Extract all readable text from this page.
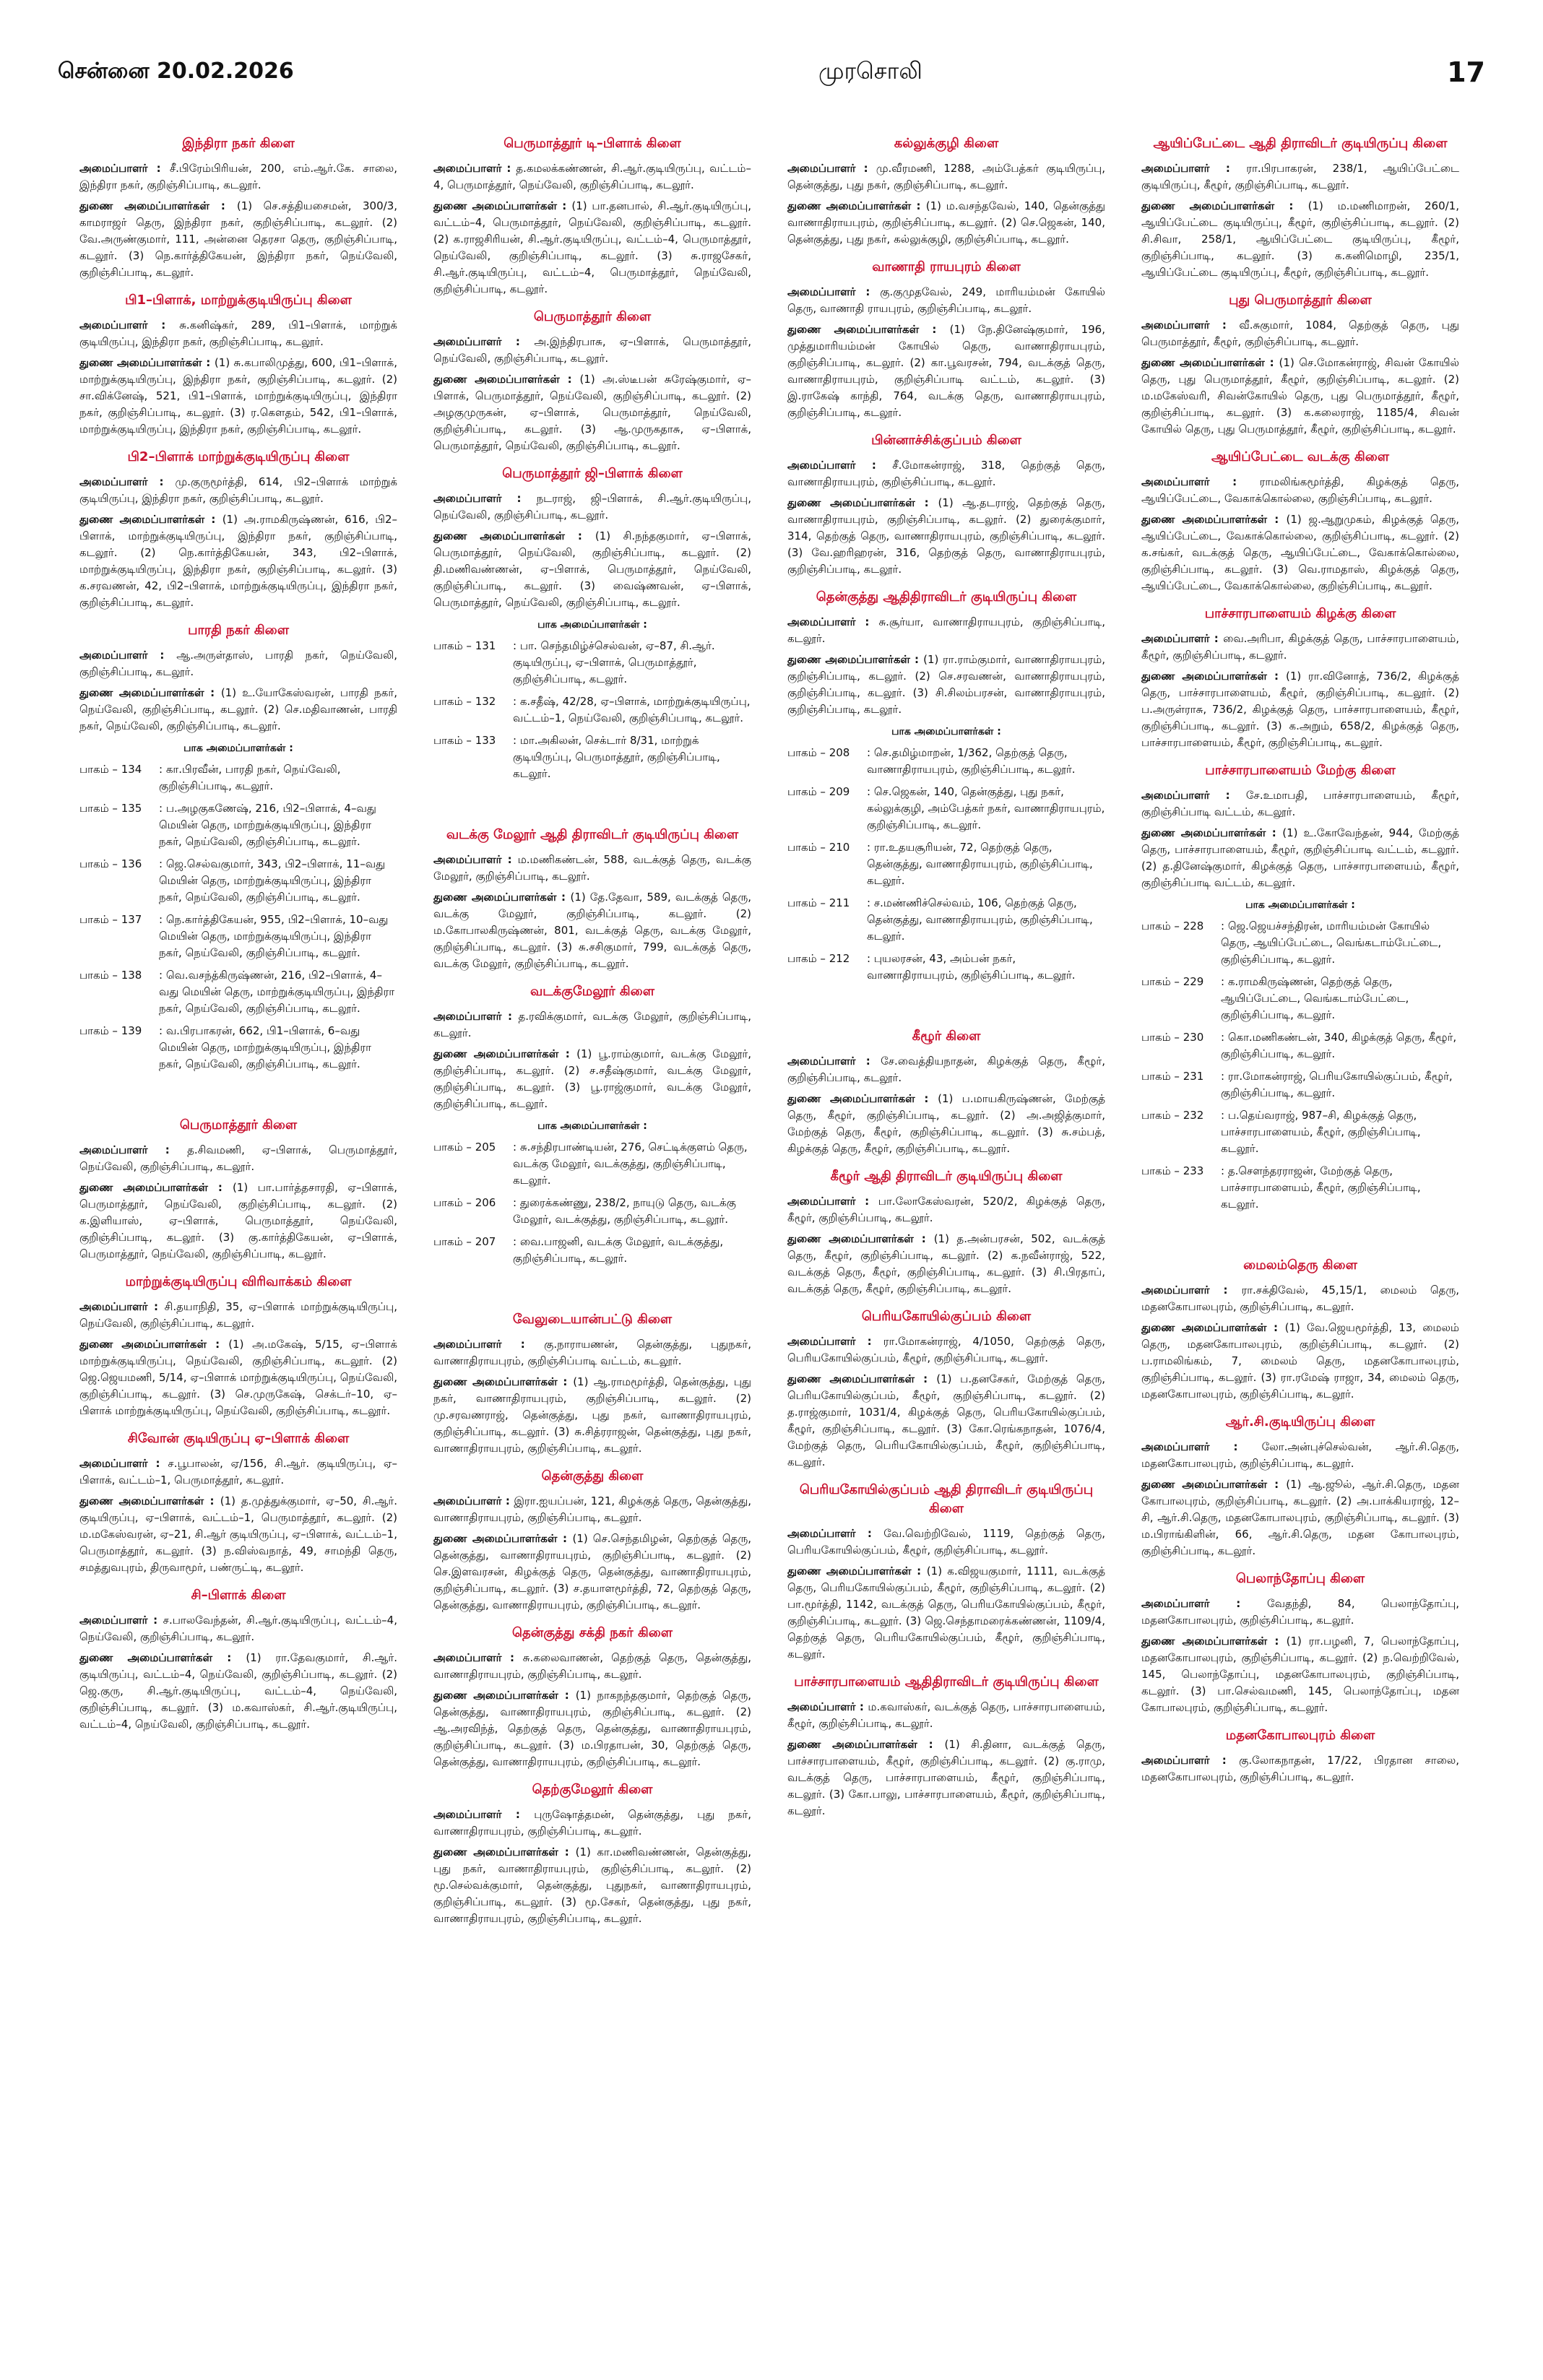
சென்னை 20.02.2026	முரசொலி	17
இந்திரா நகர் கிளை

அமைப்பாளர் : சீ.பிரேம்பிரியன், 200, எம்.ஆர்.கே. சாலை, இந்திரா நகர், குறிஞ்சிப்பாடி, கடலூர்.

துணை அமைப்பாளர்கள் : (1) செ.சத்தியசைமன், 300/3, காமராஜர் தெரு, இந்திரா நகர், குறிஞ்சிப்பாடி, கடலூர். (2) வே.அருண்குமார், 111, அன்னை தெரசா தெரு, குறிஞ்சிப்பாடி, கடலூர். (3) நெ.கார்த்திகேயன், இந்திரா நகர், நெய்வேலி, குறிஞ்சிப்பாடி, கடலூர்.

பி1–பிளாக், மாற்றுக்குடியிருப்பு கிளை

அமைப்பாளர் : சு.கனிஷ்கர், 289, பி1–பிளாக், மாற்றுக் குடியிருப்பு, இந்திரா நகர், குறிஞ்சிப்பாடி, கடலூர்.

துணை அமைப்பாளர்கள் : (1) சு.கபாலிமுத்து, 600, பி1–பிளாக், மாற்றுக்குடியிருப்பு, இந்திரா நகர், குறிஞ்சிப்பாடி, கடலூர். (2) சா.விக்னேஷ், 521, பி1–பிளாக், மாற்றுக்குடியிருப்பு, இந்திரா நகர், குறிஞ்சிப்பாடி, கடலூர். (3) ர.கௌதம், 542, பி1–பிளாக், மாற்றுக்குடியிருப்பு, இந்திரா நகர், குறிஞ்சிப்பாடி, கடலூர்.

பி2–பிளாக் மாற்றுக்குடியிருப்பு கிளை

அமைப்பாளர் : மு.குருமூர்த்தி, 614, பி2–பிளாக் மாற்றுக் குடியிருப்பு, இந்திரா நகர், குறிஞ்சிப்பாடி, கடலூர்.

துணை அமைப்பாளர்கள் : (1) அ.ராமகிருஷ்ணன், 616, பி2–பிளாக், மாற்றுக்குடியிருப்பு, இந்திரா நகர், குறிஞ்சிப்பாடி, கடலூர். (2) நெ.கார்த்திகேயன், 343, பி2–பிளாக், மாற்றுக்குடியிருப்பு, இந்திரா நகர், குறிஞ்சிப்பாடி, கடலூர். (3) க.சரவணன், 42, பி2–பிளாக், மாற்றுக்குடியிருப்பு, இந்திரா நகர், குறிஞ்சிப்பாடி, கடலூர்.

பாரதி நகர் கிளை

அமைப்பாளர் : ஆ.அருள்தாஸ், பாரதி நகர், நெய்வேலி, குறிஞ்சிப்பாடி, கடலூர்.

துணை அமைப்பாளர்கள் : (1) உ.யோகேஸ்வரன், பாரதி நகர், நெய்வேலி, குறிஞ்சிப்பாடி, கடலூர். (2) செ.மதிவாணன், பாரதி நகர், நெய்வேலி, குறிஞ்சிப்பாடி, கடலூர்.

பாக அமைப்பாளர்கள் :
பாகம் – 134	: கா.பிரவீன், பாரதி நகர், நெய்வேலி, குறிஞ்சிப்பாடி, கடலூர்.
பாகம் – 135	: ப.அழகுகணேஷ், 216, பி2–பிளாக், 4–வது மெயின் தெரு, மாற்றுக்குடியிருப்பு, இந்திரா நகர், நெய்வேலி, குறிஞ்சிப்பாடி, கடலூர்.
பாகம் – 136	: ஜெ.செல்வகுமார், 343, பி2–பிளாக், 11–வது மெயின் தெரு, மாற்றுக்குடியிருப்பு, இந்திரா நகர், நெய்வேலி, குறிஞ்சிப்பாடி, கடலூர்.
பாகம் – 137	: நெ.கார்த்திகேயன், 955, பி2–பிளாக், 10–வது மெயின் தெரு, மாற்றுக்குடியிருப்பு, இந்திரா நகர், நெய்வேலி, குறிஞ்சிப்பாடி, கடலூர்.
பாகம் – 138	: வெ.வசந்த்கிருஷ்ணன், 216, பி2–பிளாக், 4–வது மெயின் தெரு, மாற்றுக்குடியிருப்பு, இந்திரா நகர், நெய்வேலி, குறிஞ்சிப்பாடி, கடலூர்.
பாகம் – 139	: வ.பிரபாகரன், 662, பி1–பிளாக், 6–வது மெயின் தெரு, மாற்றுக்குடியிருப்பு, இந்திரா நகர், நெய்வேலி, குறிஞ்சிப்பாடி, கடலூர்.
பெருமாத்தூர் கிளை

அமைப்பாளர் : த.சிவமணி, ஏ–பிளாக், பெருமாத்தூர், நெய்வேலி, குறிஞ்சிப்பாடி, கடலூர்.

துணை அமைப்பாளர்கள் : (1) பா.பார்த்தசாரதி, ஏ–பிளாக், பெருமாத்தூர், நெய்வேலி, குறிஞ்சிப்பாடி, கடலூர். (2) க.இளியாஸ், ஏ–பிளாக், பெருமாத்தூர், நெய்வேலி, குறிஞ்சிப்பாடி, கடலூர். (3) கு.கார்த்திகேயன், ஏ–பிளாக், பெருமாத்தூர், நெய்வேலி, குறிஞ்சிப்பாடி, கடலூர்.

மாற்றுக்குடியிருப்பு விரிவாக்கம் கிளை

அமைப்பாளர் : சி.தயாநிதி, 35, ஏ–பிளாக் மாற்றுக்குடியிருப்பு, நெய்வேலி, குறிஞ்சிப்பாடி, கடலூர்.

துணை அமைப்பாளர்கள் : (1) அ.மகேஷ், 5/15, ஏ–பிளாக் மாற்றுக்குடியிருப்பு, நெய்வேலி, குறிஞ்சிப்பாடி, கடலூர். (2) ஜெ.ஜெயமணி, 5/14, ஏ–பிளாக் மாற்றுக்குடியிருப்பு, நெய்வேலி, குறிஞ்சிப்பாடி, கடலூர். (3) செ.முருகேஷ், செக்டர்–10, ஏ–பிளாக் மாற்றுக்குடியிருப்பு, நெய்வேலி, குறிஞ்சிப்பாடி, கடலூர்.

சிவோன் குடியிருப்பு ஏ–பிளாக் கிளை

அமைப்பாளர் : ச.பூபாலன், ஏ/156, சி.ஆர். குடியிருப்பு, ஏ–பிளாக், வட்டம்–1, பெருமாத்தூர், கடலூர்.

துணை அமைப்பாளர்கள் : (1) த.முத்துக்குமார், ஏ–50, சி.ஆர். குடியிருப்பு, ஏ–பிளாக், வட்டம்–1, பெருமாத்தூர், கடலூர். (2) ம.மகேஸ்வரன், ஏ–21, சி.ஆர் குடியிருப்பு, ஏ–பிளாக், வட்டம்–1, பெருமாத்தூர், கடலூர். (3) ந.விஸ்வநாத், 49, சாமந்தி தெரு, சமத்துவபுரம், திருவாமூர், பண்ருட்டி, கடலூர்.

சி–பிளாக் கிளை

அமைப்பாளர் : ச.பாலவேந்தன், சி.ஆர்.குடியிருப்பு, வட்டம்–4, நெய்வேலி, குறிஞ்சிப்பாடி, கடலூர்.

துணை அமைப்பாளர்கள் : (1) ரா.தேவகுமார், சி.ஆர். குடியிருப்பு, வட்டம்–4, நெய்வேலி, குறிஞ்சிப்பாடி, கடலூர். (2) ஜெ.குரு, சி.ஆர்.குடியிருப்பு, வட்டம்–4, நெய்வேலி, குறிஞ்சிப்பாடி, கடலூர். (3) ம.கவாஸ்கர், சி.ஆர்.குடியிருப்பு, வட்டம்–4, நெய்வேலி, குறிஞ்சிப்பாடி, கடலூர்.

பெருமாத்தூர் டி–பிளாக் கிளை

அமைப்பாளர் : த.கமலக்கண்ணன், சி.ஆர்.குடியிருப்பு, வட்டம்–4, பெருமாத்தூர், நெய்வேலி, குறிஞ்சிப்பாடி, கடலூர்.

துணை அமைப்பாளர்கள் : (1) பா.தனபால், சி.ஆர்.குடியிருப்பு, வட்டம்–4, பெருமாத்தூர், நெய்வேலி, குறிஞ்சிப்பாடி, கடலூர். (2) க.ராஜசிரியன், சி.ஆர்.குடியிருப்பு, வட்டம்–4, பெருமாத்தூர், நெய்வேலி, குறிஞ்சிப்பாடி, கடலூர். (3) சு.ராஜசேகர், சி.ஆர்.குடியிருப்பு, வட்டம்–4, பெருமாத்தூர், நெய்வேலி, குறிஞ்சிப்பாடி, கடலூர்.

பெருமாத்தூர் கிளை

அமைப்பாளர் : அ.இந்திரபாசு, ஏ–பிளாக், பெருமாத்தூர், நெய்வேலி, குறிஞ்சிப்பாடி, கடலூர்.

துணை அமைப்பாளர்கள் : (1) அ.ஸ்டீபன் சுரேஷ்குமார், ஏ–பிளாக், பெருமாத்தூர், நெய்வேலி, குறிஞ்சிப்பாடி, கடலூர். (2) அழகுமுருகன், ஏ–பிளாக், பெருமாத்தூர், நெய்வேலி, குறிஞ்சிப்பாடி, கடலூர். (3) ஆ.முருகதாசு, ஏ–பிளாக், பெருமாத்தூர், நெய்வேலி, குறிஞ்சிப்பாடி, கடலூர்.

பெருமாத்தூர் ஜி–பிளாக் கிளை

அமைப்பாளர் : நடராஜ், ஜி–பிளாக், சி.ஆர்.குடியிருப்பு, நெய்வேலி, குறிஞ்சிப்பாடி, கடலூர்.

துணை அமைப்பாளர்கள் : (1) சி.நந்தகுமார், ஏ–பிளாக், பெருமாத்தூர், நெய்வேலி, குறிஞ்சிப்பாடி, கடலூர். (2) தி.மணிவண்ணன், ஏ–பிளாக், பெருமாத்தூர், நெய்வேலி, குறிஞ்சிப்பாடி, கடலூர். (3) வைஷ்ணவன், ஏ–பிளாக், பெருமாத்தூர், நெய்வேலி, குறிஞ்சிப்பாடி, கடலூர்.

பாக அமைப்பாளர்கள் :
பாகம் – 131	: பா. செந்தமிழ்ச்செல்வன், ஏ–87, சி.ஆர். குடியிருப்பு, ஏ–பிளாக், பெருமாத்தூர், குறிஞ்சிப்பாடி, கடலூர்.
பாகம் – 132	: க.சதீஷ், 42/28, ஏ–பிளாக், மாற்றுக்குடியிருப்பு, வட்டம்–1, நெய்வேலி, குறிஞ்சிப்பாடி, கடலூர்.
பாகம் – 133	: மா.அகிலன், செக்டார் 8/31, மாற்றுக் குடியிருப்பு, பெருமாத்தூர், குறிஞ்சிப்பாடி, கடலூர்.
வடக்கு மேலூர் ஆதி திராவிடர் குடியிருப்பு கிளை

அமைப்பாளர் : ம.மணிகண்டன், 588, வடக்குத் தெரு, வடக்கு மேலூர், குறிஞ்சிப்பாடி, கடலூர்.

துணை அமைப்பாளர்கள் : (1) தே.தேவா, 589, வடக்குத் தெரு, வடக்கு மேலூர், குறிஞ்சிப்பாடி, கடலூர். (2) ம.கோபாலகிருஷ்ணன், 801, வடக்குத் தெரு, வடக்கு மேலூர், குறிஞ்சிப்பாடி, கடலூர். (3) சு.சசிகுமார், 799, வடக்குத் தெரு, வடக்கு மேலூர், குறிஞ்சிப்பாடி, கடலூர்.

வடக்குமேலூர் கிளை

அமைப்பாளர் : த.ரவிக்குமார், வடக்கு மேலூர், குறிஞ்சிப்பாடி, கடலூர்.

துணை அமைப்பாளர்கள் : (1) பூ.ராம்குமார், வடக்கு மேலூர், குறிஞ்சிப்பாடி, கடலூர். (2) ச.சதீஷ்குமார், வடக்கு மேலூர், குறிஞ்சிப்பாடி, கடலூர். (3) பூ.ராஜ்குமார், வடக்கு மேலூர், குறிஞ்சிப்பாடி, கடலூர்.

பாக அமைப்பாளர்கள் :
பாகம் – 205	: சு.சந்திரபாண்டியன், 276, செட்டிக்குளம் தெரு, வடக்கு மேலூர், வடக்குத்து, குறிஞ்சிப்பாடி, கடலூர்.
பாகம் – 206	: துரைக்கண்ணு, 238/2, நாயுடு தெரு, வடக்கு மேலூர், வடக்குத்து, குறிஞ்சிப்பாடி, கடலூர்.
பாகம் – 207	: வை.பாஜனி, வடக்கு மேலூர், வடக்குத்து, குறிஞ்சிப்பாடி, கடலூர்.
வேலுடையான்பட்டு கிளை

அமைப்பாளர் : கு.நாராயணன், தென்குத்து, புதுநகர், வாணாதிராயபுரம், குறிஞ்சிப்பாடி வட்டம், கடலூர்.

துணை அமைப்பாளர்கள் : (1) ஆ.ராமமூர்த்தி, தென்குத்து, புது நகர், வாணாதிராயபுரம், குறிஞ்சிப்பாடி, கடலூர். (2) மு.சரவணராஜ், தென்குத்து, புது நகர், வாணாதிராயபுரம், குறிஞ்சிப்பாடி, கடலூர். (3) சு.சித்ரராஜன், தென்குத்து, புது நகர், வாணாதிராயபுரம், குறிஞ்சிப்பாடி, கடலூர்.

தென்குத்து கிளை

அமைப்பாளர் : இரா.ஐயப்பன், 121, கிழக்குத் தெரு, தென்குத்து, வாணாதிராயபுரம், குறிஞ்சிப்பாடி, கடலூர்.

துணை அமைப்பாளர்கள் : (1) செ.செந்தமிழன், தெற்குத் தெரு, தென்குத்து, வாணாதிராயபுரம், குறிஞ்சிப்பாடி, கடலூர். (2) செ.இளவரசன், கிழக்குத் தெரு, தென்குத்து, வாணாதிராயபுரம், குறிஞ்சிப்பாடி, கடலூர். (3) ச.தயாளமூர்த்தி, 72, தெற்குத் தெரு, தென்குத்து, வாணாதிராயபுரம், குறிஞ்சிப்பாடி, கடலூர்.

தென்குத்து சக்தி நகர் கிளை

அமைப்பாளர் : சு.கலைவாணன், தெற்குத் தெரு, தென்குத்து, வாணாதிராயபுரம், குறிஞ்சிப்பாடி, கடலூர்.

துணை அமைப்பாளர்கள் : (1) நாகநந்தகுமார், தெற்குத் தெரு, தென்குத்து, வாணாதிராயபுரம், குறிஞ்சிப்பாடி, கடலூர். (2) ஆ.அரவிந்த், தெற்குத் தெரு, தென்குத்து, வாணாதிராயபுரம், குறிஞ்சிப்பாடி, கடலூர். (3) ம.பிரதாபன், 30, தெற்குத் தெரு, தென்குத்து, வாணாதிராயபுரம், குறிஞ்சிப்பாடி, கடலூர்.

தெற்குமேலூர் கிளை

அமைப்பாளர் : புருஷோத்தமன், தென்குத்து, புது நகர், வாணாதிராயபுரம், குறிஞ்சிப்பாடி, கடலூர்.

துணை அமைப்பாளர்கள் : (1) கா.மணிவண்ணன், தென்குத்து, புது நகர், வாணாதிராயபுரம், குறிஞ்சிப்பாடி, கடலூர். (2) மூ.செல்வக்குமார், தென்குத்து, புதுநகர், வாணாதிராயபுரம், குறிஞ்சிப்பாடி, கடலூர். (3) மூ.சேகர், தென்குத்து, புது நகர், வாணாதிராயபுரம், குறிஞ்சிப்பாடி, கடலூர்.

கல்லுக்குழி கிளை

அமைப்பாளர் : மு.வீரமணி, 1288, அம்பேத்கர் குடியிருப்பு, தென்குத்து, புது நகர், குறிஞ்சிப்பாடி, கடலூர்.

துணை அமைப்பாளர்கள் : (1) ம.வசந்தவேல், 140, தென்குத்து வாணாதிராயபுரம், குறிஞ்சிப்பாடி, கடலூர். (2) செ.ஜெகன், 140, தென்குத்து, புது நகர், கல்லுக்குழி, குறிஞ்சிப்பாடி, கடலூர்.

வாணாதி ராயபுரம் கிளை

அமைப்பாளர் : கு.குமுதவேல், 249, மாரியம்மன் கோயில் தெரு, வாணாதி ராயபுரம், குறிஞ்சிப்பாடி, கடலூர்.

துணை அமைப்பாளர்கள் : (1) நே.தினேஷ்குமார், 196, முத்துமாரியம்மன் கோயில் தெரு, வாணாதிராயபுரம், குறிஞ்சிப்பாடி, கடலூர். (2) கா.பூவரசன், 794, வடக்குத் தெரு, வாணாதிராயபுரம், குறிஞ்சிப்பாடி வட்டம், கடலூர். (3) இ.ராகேஷ் காந்தி, 764, வடக்கு தெரு, வாணாதிராயபுரம், குறிஞ்சிப்பாடி, கடலூர்.

பின்னாச்சிக்குப்பம் கிளை

அமைப்பாளர் : சீ.மோகன்ராஜ், 318, தெற்குத் தெரு, வாணாதிராயபுரம், குறிஞ்சிப்பாடி, கடலூர்.

துணை அமைப்பாளர்கள் : (1) ஆ.தடராஜ், தெற்குத் தெரு, வாணாதிராயபுரம், குறிஞ்சிப்பாடி, கடலூர். (2) துரைக்குமார், 314, தெற்குத் தெரு, வாணாதிராயபுரம், குறிஞ்சிப்பாடி, கடலூர். (3) வே.ஹரிஹரன், 316, தெற்குத் தெரு, வாணாதிராயபுரம், குறிஞ்சிப்பாடி, கடலூர்.

தென்குத்து ஆதிதிராவிடர் குடியிருப்பு கிளை

அமைப்பாளர் : சு.சூர்யா, வாணாதிராயபுரம், குறிஞ்சிப்பாடி, கடலூர்.

துணை அமைப்பாளர்கள் : (1) ரா.ராம்குமார், வாணாதிராயபுரம், குறிஞ்சிப்பாடி, கடலூர். (2) செ.சரவணன், வாணாதிராயபுரம், குறிஞ்சிப்பாடி, கடலூர். (3) சி.சிலம்பரசன், வாணாதிராயபுரம், குறிஞ்சிப்பாடி, கடலூர்.

பாக அமைப்பாளர்கள் :
பாகம் – 208	: செ.தமிழ்மாறன், 1/362, தெற்குத் தெரு, வாணாதிராயபுரம், குறிஞ்சிப்பாடி, கடலூர்.
பாகம் – 209	: செ.ஜெகன், 140, தென்குத்து, புது நகர், கல்லுக்குழி, அம்பேத்கர் நகர், வாணாதிராயபுரம், குறிஞ்சிப்பாடி, கடலூர்.
பாகம் – 210	: ரா.உதயசூரியன், 72, தெற்குத் தெரு, தென்குத்து, வாணாதிராயபுரம், குறிஞ்சிப்பாடி, கடலூர்.
பாகம் – 211	: ச.மண்ணிச்செல்வம், 106, தெற்குத் தெரு, தென்குத்து, வாணாதிராயபுரம், குறிஞ்சிப்பாடி, கடலூர்.
பாகம் – 212	: புயலரசன், 43, அம்பன் நகர், வாணாதிராயபுரம், குறிஞ்சிப்பாடி, கடலூர்.
கீழூர் கிளை

அமைப்பாளர் : சே.வைத்தியநாதன், கிழக்குத் தெரு, கீழூர், குறிஞ்சிப்பாடி, கடலூர்.

துணை அமைப்பாளர்கள் : (1) ப.மாயகிருஷ்ணன், மேற்குத் தெரு, கீழூர், குறிஞ்சிப்பாடி, கடலூர். (2) அ.அஜித்குமார், மேற்குத் தெரு, கீழூர், குறிஞ்சிப்பாடி, கடலூர். (3) சு.சம்பத், கிழக்குத் தெரு, கீழூர், குறிஞ்சிப்பாடி, கடலூர்.

கீழூர் ஆதி திராவிடர் குடியிருப்பு கிளை

அமைப்பாளர் : பா.லோகேஸ்வரன், 520/2, கிழக்குத் தெரு, கீழூர், குறிஞ்சிப்பாடி, கடலூர்.

துணை அமைப்பாளர்கள் : (1) த.அன்பரசன், 502, வடக்குத் தெரு, கீழூர், குறிஞ்சிப்பாடி, கடலூர். (2) க.நவீன்ராஜ், 522, வடக்குத் தெரு, கீழூர், குறிஞ்சிப்பாடி, கடலூர். (3) சி.பிரதாப், வடக்குத் தெரு, கீழூர், குறிஞ்சிப்பாடி, கடலூர்.

பெரியகோயில்குப்பம் கிளை

அமைப்பாளர் : ரா.மோகன்ராஜ், 4/1050, தெற்குத் தெரு, பெரியகோயில்குப்பம், கீழூர், குறிஞ்சிப்பாடி, கடலூர்.

துணை அமைப்பாளர்கள் : (1) ப.தனசேகர், மேற்குத் தெரு, பெரியகோயில்குப்பம், கீழூர், குறிஞ்சிப்பாடி, கடலூர். (2) த.ராஜ்குமார், 1031/4, கிழக்குத் தெரு, பெரியகோயில்குப்பம், கீழூர், குறிஞ்சிப்பாடி, கடலூர். (3) கோ.ரெங்கநாதன், 1076/4, மேற்குத் தெரு, பெரியகோயில்குப்பம், கீழூர், குறிஞ்சிப்பாடி, கடலூர்.

பெரியகோயில்குப்பம் ஆதி திராவிடர் குடியிருப்பு கிளை

அமைப்பாளர் : வே.வெற்றிவேல், 1119, தெற்குத் தெரு, பெரியகோயில்குப்பம், கீழூர், குறிஞ்சிப்பாடி, கடலூர்.

துணை அமைப்பாளர்கள் : (1) க.விஜயகுமார், 1111, வடக்குத் தெரு, பெரியகோயில்குப்பம், கீழூர், குறிஞ்சிப்பாடி, கடலூர். (2) பா.மூர்த்தி, 1142, வடக்குத் தெரு, பெரியகோயில்குப்பம், கீழூர், குறிஞ்சிப்பாடி, கடலூர். (3) ஜெ.செந்தாமரைக்கண்ணன், 1109/4, தெற்குத் தெரு, பெரியகோயில்குப்பம், கீழூர், குறிஞ்சிப்பாடி, கடலூர்.

பாச்சாரபாளையம் ஆதிதிராவிடர் குடியிருப்பு கிளை

அமைப்பாளர் : ம.கவாஸ்கர், வடக்குத் தெரு, பாச்சாரபாளையம், கீழூர், குறிஞ்சிப்பாடி, கடலூர்.

துணை அமைப்பாளர்கள் : (1) சி.தினா, வடக்குத் தெரு, பாச்சாரபாளையம், கீழூர், குறிஞ்சிப்பாடி, கடலூர். (2) கு.ராமு, வடக்குத் தெரு, பாச்சாரபாளையம், கீழூர், குறிஞ்சிப்பாடி, கடலூர். (3) கோ.பாலு, பாச்சாரபாளையம், கீழூர், குறிஞ்சிப்பாடி, கடலூர்.

ஆயிப்பேட்டை ஆதி திராவிடர் குடியிருப்பு கிளை

அமைப்பாளர் : ரா.பிரபாகரன், 238/1, ஆயிப்பேட்டை குடியிருப்பு, கீழூர், குறிஞ்சிப்பாடி, கடலூர்.

துணை அமைப்பாளர்கள் : (1) ம.மணிமாறன், 260/1, ஆயிப்பேட்டை குடியிருப்பு, கீழூர், குறிஞ்சிப்பாடி, கடலூர். (2) சி.சிவா, 258/1, ஆயிப்பேட்டை குடியிருப்பு, கீழூர், குறிஞ்சிப்பாடி, கடலூர். (3) க.கனிமொழி, 235/1, ஆயிப்பேட்டை குடியிருப்பு, கீழூர், குறிஞ்சிப்பாடி, கடலூர்.

புது பெருமாத்தூர் கிளை

அமைப்பாளர் : வீ.சுகுமார், 1084, தெற்குத் தெரு, புது பெருமாத்தூர், கீழூர், குறிஞ்சிப்பாடி, கடலூர்.

துணை அமைப்பாளர்கள் : (1) செ.மோகன்ராஜ், சிவன் கோயில் தெரு, புது பெருமாத்தூர், கீழூர், குறிஞ்சிப்பாடி, கடலூர். (2) ம.மகேஸ்வரி, சிவன்கோயில் தெரு, புது பெருமாத்தூர், கீழூர், குறிஞ்சிப்பாடி, கடலூர். (3) க.கலைராஜ், 1185/4, சிவன் கோயில் தெரு, புது பெருமாத்தூர், கீழூர், குறிஞ்சிப்பாடி, கடலூர்.

ஆயிப்பேட்டை வடக்கு கிளை

அமைப்பாளர் : ராமலிங்கமூர்த்தி, கிழக்குத் தெரு, ஆயிப்பேட்டை, வேகாக்கொல்லை, குறிஞ்சிப்பாடி, கடலூர்.

துணை அமைப்பாளர்கள் : (1) ஜ.ஆறுமுகம், கிழக்குத் தெரு, ஆயிப்பேட்டை, வேகாக்கொல்லை, குறிஞ்சிப்பாடி, கடலூர். (2) க.சங்கர், வடக்குத் தெரு, ஆயிப்பேட்டை, வேகாக்கொல்லை, குறிஞ்சிப்பாடி, கடலூர். (3) வெ.ராமதாஸ், கிழக்குத் தெரு, ஆயிப்பேட்டை, வேகாக்கொல்லை, குறிஞ்சிப்பாடி, கடலூர்.

பாச்சாரபாளையம் கிழக்கு கிளை

அமைப்பாளர் : வை.அரிபா, கிழக்குத் தெரு, பாச்சாரபாளையம், கீழூர், குறிஞ்சிப்பாடி, கடலூர்.

துணை அமைப்பாளர்கள் : (1) ரா.வினோத், 736/2, கிழக்குத் தெரு, பாச்சாரபாளையம், கீழூர், குறிஞ்சிப்பாடி, கடலூர். (2) ப.அருள்ராசு, 736/2, கிழக்குத் தெரு, பாச்சாரபாளையம், கீழூர், குறிஞ்சிப்பாடி, கடலூர். (3) க.அறும், 658/2, கிழக்குத் தெரு, பாச்சாரபாளையம், கீழூர், குறிஞ்சிப்பாடி, கடலூர்.

பாச்சாரபாளையம் மேற்கு கிளை

அமைப்பாளர் : சே.உமாபதி, பாச்சாரபாளையம், கீழூர், குறிஞ்சிப்பாடி வட்டம், கடலூர்.

துணை அமைப்பாளர்கள் : (1) உ.கோவேந்தன், 944, மேற்குத் தெரு, பாச்சாரபாளையம், கீழூர், குறிஞ்சிப்பாடி வட்டம், கடலூர். (2) த.தினேஷ்குமார், கிழக்குத் தெரு, பாச்சாரபாளையம், கீழூர், குறிஞ்சிப்பாடி வட்டம், கடலூர்.

பாக அமைப்பாளர்கள் :
பாகம் – 228	: ஜெ.ஜெயச்சந்திரன், மாரியம்மன் கோயில் தெரு, ஆயிப்பேட்டை, வெங்கடாம்பேட்டை, குறிஞ்சிப்பாடி, கடலூர்.
பாகம் – 229	: க.ராமகிருஷ்ணன், தெற்குத் தெரு, ஆயிப்பேட்டை, வெங்கடாம்பேட்டை, குறிஞ்சிப்பாடி, கடலூர்.
பாகம் – 230	: கொ.மணிகண்டன், 340, கிழக்குத் தெரு, கீழூர், குறிஞ்சிப்பாடி, கடலூர்.
பாகம் – 231	: ரா.மோகன்ராஜ், பெரியகோயில்குப்பம், கீழூர், குறிஞ்சிப்பாடி, கடலூர்.
பாகம் – 232	: ப.தெய்வராஜ், 987–சி, கிழக்குத் தெரு, பாச்சாரபாளையம், கீழூர், குறிஞ்சிப்பாடி, கடலூர்.
பாகம் – 233	: த.செளந்தரராஜன், மேற்குத் தெரு, பாச்சாரபாளையம், கீழூர், குறிஞ்சிப்பாடி, கடலூர்.
மைலம்தெரு கிளை

அமைப்பாளர் : ரா.சக்திவேல், 45,15/1, மைலம் தெரு, மதனகோபாலபுரம், குறிஞ்சிப்பாடி, கடலூர்.

துணை அமைப்பாளர்கள் : (1) வே.ஜெயமூர்த்தி, 13, மைலம் தெரு, மதனகோபாலபுரம், குறிஞ்சிப்பாடி, கடலூர். (2) ப.ராமலிங்கம், 7, மைலம் தெரு, மதனகோபாலபுரம், குறிஞ்சிப்பாடி, கடலூர். (3) ரா.ரமேஷ் ராஜா, 34, மைலம் தெரு, மதனகோபாலபுரம், குறிஞ்சிப்பாடி, கடலூர்.

ஆர்.சி.குடியிருப்பு கிளை

அமைப்பாளர் : லோ.அன்புச்செல்வன், ஆர்.சி.தெரு, மதனகோபாலபுரம், குறிஞ்சிப்பாடி, கடலூர்.

துணை அமைப்பாளர்கள் : (1) ஆ.ஜூல், ஆர்.சி.தெரு, மதன கோபாலபுரம், குறிஞ்சிப்பாடி, கடலூர். (2) அ.பாக்கியராஜ், 12–சி, ஆர்.சி.தெரு, மதனகோபாலபுரம், குறிஞ்சிப்பாடி, கடலூர். (3) ம.பிராங்கிளின், 66, ஆர்.சி.தெரு, மதன கோபாலபுரம், குறிஞ்சிப்பாடி, கடலூர்.

பெலாந்தோப்பு கிளை

அமைப்பாளர் : வேதந்தி, 84, பெலாந்தோப்பு, மதனகோபாலபுரம், குறிஞ்சிப்பாடி, கடலூர்.

துணை அமைப்பாளர்கள் : (1) ரா.பழனி, 7, பெலாந்தோப்பு, மதனகோபாலபுரம், குறிஞ்சிப்பாடி, கடலூர். (2) ந.வெற்றிவேல், 145, பெலாந்தோப்பு, மதனகோபாலபுரம், குறிஞ்சிப்பாடி, கடலூர். (3) பா.செல்வமணி, 145, பெலாந்தோப்பு, மதன கோபாலபுரம், குறிஞ்சிப்பாடி, கடலூர்.

மதனகோபாலபுரம் கிளை

அமைப்பாளர் : கு.லோகநாதன், 17/22, பிரதான சாலை, மதனகோபாலபுரம், குறிஞ்சிப்பாடி, கடலூர்.
